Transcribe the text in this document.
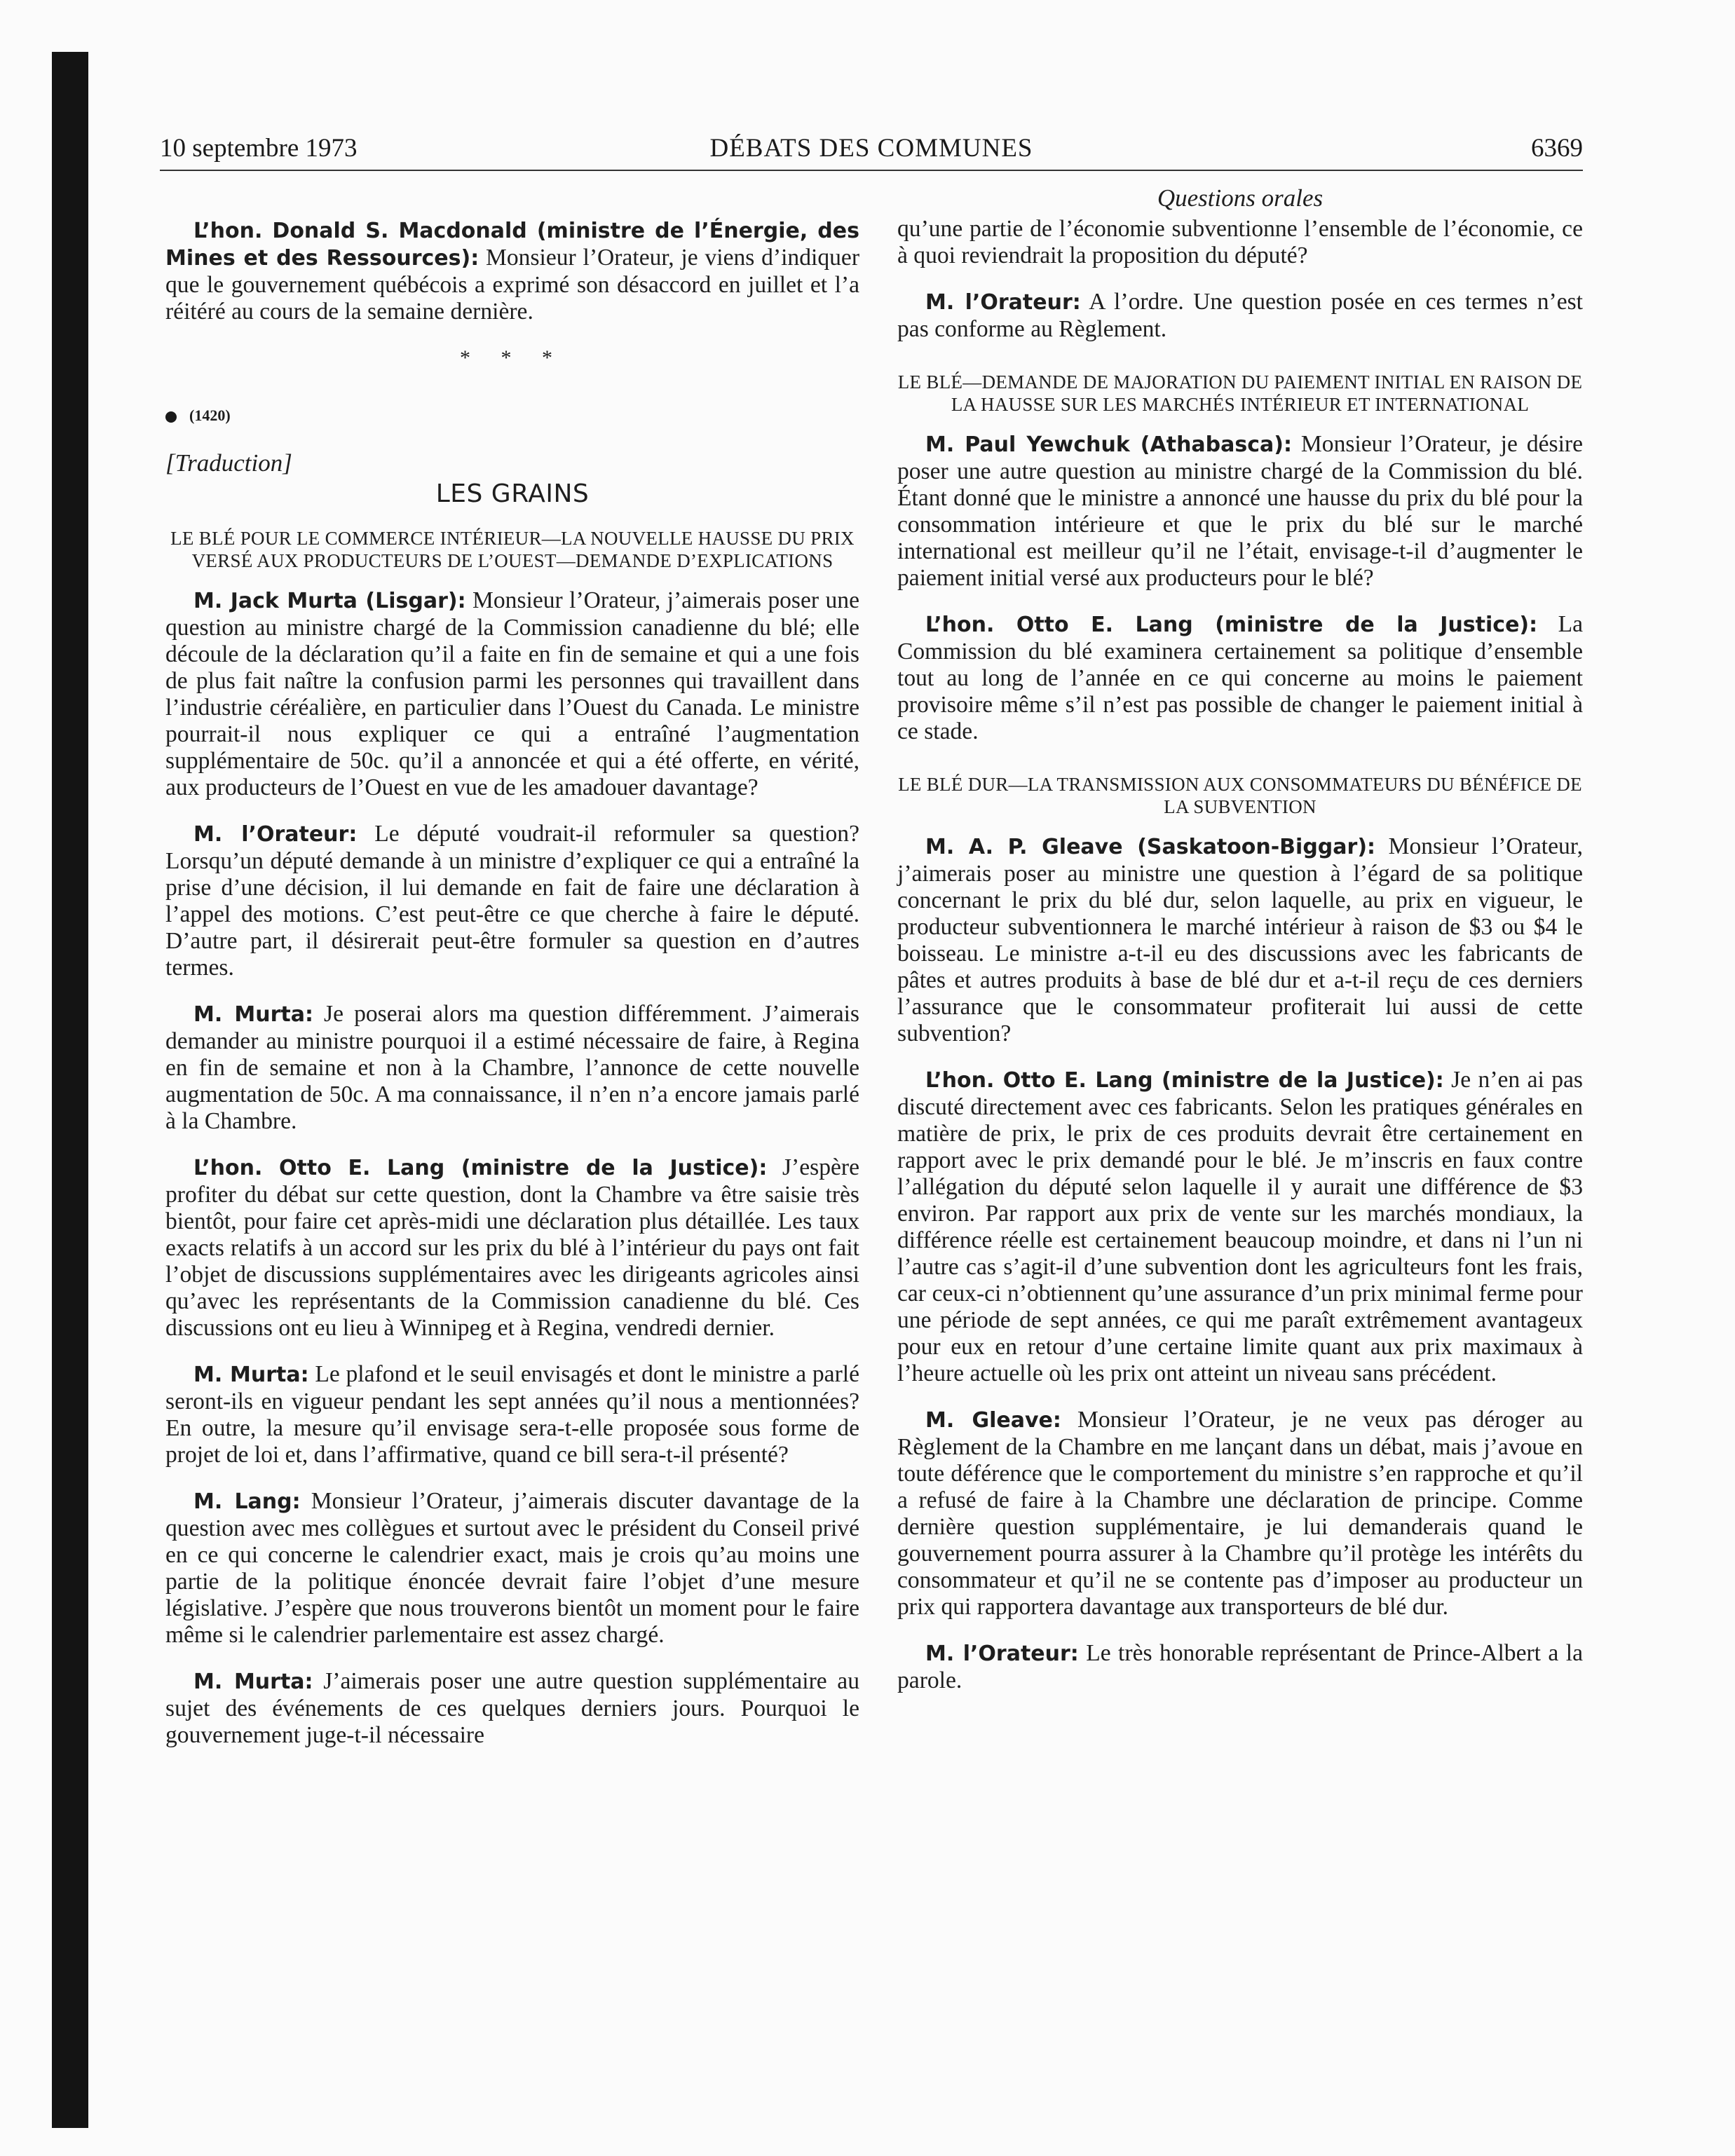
10 septembre 1973	DÉBATS DES COMMUNES	6369

L’hon. Donald S. Macdonald (ministre de l’Énergie, des Mines et des Ressources): Monsieur l’Orateur, je viens d’indiquer que le gouvernement québécois a exprimé son désaccord en juillet et l’a réitéré au cours de la semaine dernière.

* * *
(1420)
[Traduction]
LES GRAINS
LE BLÉ POUR LE COMMERCE INTÉRIEUR—LA NOUVELLE HAUSSE DU PRIX VERSÉ AUX PRODUCTEURS DE L’OUEST—DEMANDE D’EXPLICATIONS

M. Jack Murta (Lisgar): Monsieur l’Orateur, j’aimerais poser une question au ministre chargé de la Commission canadienne du blé; elle découle de la déclaration qu’il a faite en fin de semaine et qui a une fois de plus fait naître la confusion parmi les personnes qui travaillent dans l’industrie céréalière, en particulier dans l’Ouest du Canada. Le ministre pourrait-il nous expliquer ce qui a entraîné l’augmentation supplémentaire de 50c. qu’il a annoncée et qui a été offerte, en vérité, aux producteurs de l’Ouest en vue de les amadouer davantage?

M. l’Orateur: Le député voudrait-il reformuler sa question? Lorsqu’un député demande à un ministre d’expliquer ce qui a entraîné la prise d’une décision, il lui demande en fait de faire une déclaration à l’appel des motions. C’est peut-être ce que cherche à faire le député. D’autre part, il désirerait peut-être formuler sa question en d’autres termes.

M. Murta: Je poserai alors ma question différemment. J’aimerais demander au ministre pourquoi il a estimé nécessaire de faire, à Regina en fin de semaine et non à la Chambre, l’annonce de cette nouvelle augmentation de 50c. A ma connaissance, il n’en n’a encore jamais parlé à la Chambre.

L’hon. Otto E. Lang (ministre de la Justice): J’espère profiter du débat sur cette question, dont la Chambre va être saisie très bientôt, pour faire cet après-midi une déclaration plus détaillée. Les taux exacts relatifs à un accord sur les prix du blé à l’intérieur du pays ont fait l’objet de discussions supplémentaires avec les dirigeants agricoles ainsi qu’avec les représentants de la Commission canadienne du blé. Ces discussions ont eu lieu à Winnipeg et à Regina, vendredi dernier.

M. Murta: Le plafond et le seuil envisagés et dont le ministre a parlé seront-ils en vigueur pendant les sept années qu’il nous a mentionnées? En outre, la mesure qu’il envisage sera-t-elle proposée sous forme de projet de loi et, dans l’affirmative, quand ce bill sera-t-il présenté?

M. Lang: Monsieur l’Orateur, j’aimerais discuter davantage de la question avec mes collègues et surtout avec le président du Conseil privé en ce qui concerne le calendrier exact, mais je crois qu’au moins une partie de la politique énoncée devrait faire l’objet d’une mesure législative. J’espère que nous trouverons bientôt un moment pour le faire même si le calendrier parlementaire est assez chargé.

M. Murta: J’aimerais poser une autre question supplémentaire au sujet des événements de ces quelques derniers jours. Pourquoi le gouvernement juge-t-il nécessaire

Questions orales

qu’une partie de l’économie subventionne l’ensemble de l’économie, ce à quoi reviendrait la proposition du député?

M. l’Orateur: A l’ordre. Une question posée en ces termes n’est pas conforme au Règlement.

LE BLÉ—DEMANDE DE MAJORATION DU PAIEMENT INITIAL EN RAISON DE LA HAUSSE SUR LES MARCHÉS INTÉRIEUR ET INTERNATIONAL

M. Paul Yewchuk (Athabasca): Monsieur l’Orateur, je désire poser une autre question au ministre chargé de la Commission du blé. Étant donné que le ministre a annoncé une hausse du prix du blé pour la consommation intérieure et que le prix du blé sur le marché international est meilleur qu’il ne l’était, envisage-t-il d’augmenter le paiement initial versé aux producteurs pour le blé?

L’hon. Otto E. Lang (ministre de la Justice): La Commission du blé examinera certainement sa politique d’ensemble tout au long de l’année en ce qui concerne au moins le paiement provisoire même s’il n’est pas possible de changer le paiement initial à ce stade.

LE BLÉ DUR—LA TRANSMISSION AUX CONSOMMATEURS DU BÉNÉFICE DE LA SUBVENTION

M. A. P. Gleave (Saskatoon-Biggar): Monsieur l’Orateur, j’aimerais poser au ministre une question à l’égard de sa politique concernant le prix du blé dur, selon laquelle, au prix en vigueur, le producteur subventionnera le marché intérieur à raison de $3 ou $4 le boisseau. Le ministre a-t-il eu des discussions avec les fabricants de pâtes et autres produits à base de blé dur et a-t-il reçu de ces derniers l’assurance que le consommateur profiterait lui aussi de cette subvention?

L’hon. Otto E. Lang (ministre de la Justice): Je n’en ai pas discuté directement avec ces fabricants. Selon les pratiques générales en matière de prix, le prix de ces produits devrait être certainement en rapport avec le prix demandé pour le blé. Je m’inscris en faux contre l’allégation du député selon laquelle il y aurait une différence de $3 environ. Par rapport aux prix de vente sur les marchés mondiaux, la différence réelle est certainement beaucoup moindre, et dans ni l’un ni l’autre cas s’agit-il d’une subvention dont les agriculteurs font les frais, car ceux-ci n’obtiennent qu’une assurance d’un prix minimal ferme pour une période de sept années, ce qui me paraît extrêmement avantageux pour eux en retour d’une certaine limite quant aux prix maximaux à l’heure actuelle où les prix ont atteint un niveau sans précédent.

M. Gleave: Monsieur l’Orateur, je ne veux pas déroger au Règlement de la Chambre en me lançant dans un débat, mais j’avoue en toute déférence que le comportement du ministre s’en rapproche et qu’il a refusé de faire à la Chambre une déclaration de principe. Comme dernière question supplémentaire, je lui demanderais quand le gouvernement pourra assurer à la Chambre qu’il protège les intérêts du consommateur et qu’il ne se contente pas d’imposer au producteur un prix qui rapportera davantage aux transporteurs de blé dur.

M. l’Orateur: Le très honorable représentant de Prince-Albert a la parole.
